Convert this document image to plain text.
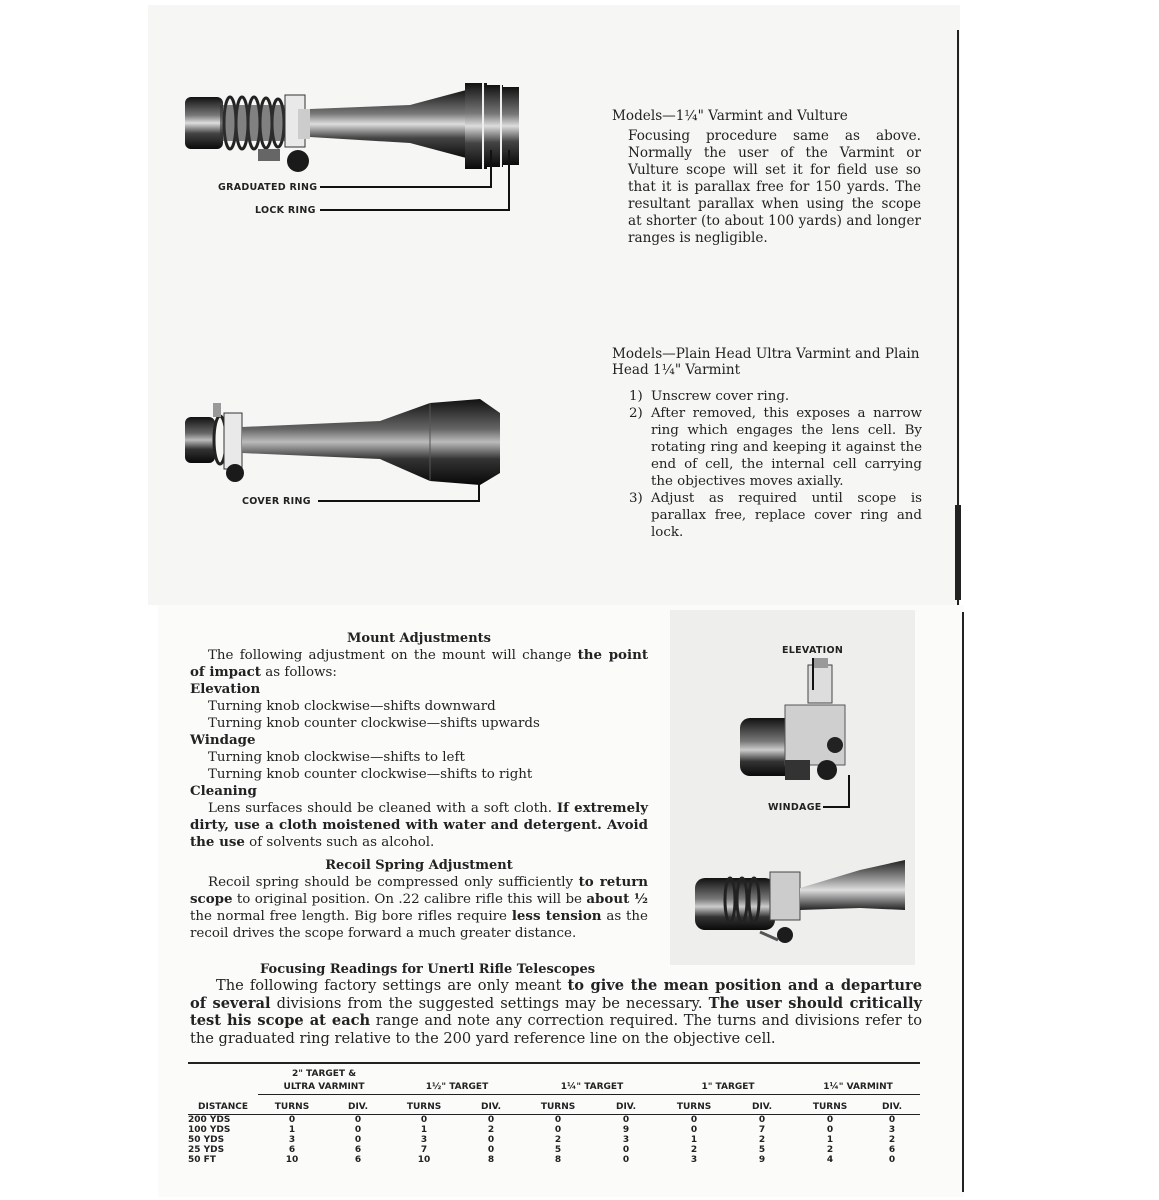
GRADUATED RING
LOCK RING
COVER RING
Models—1¼" Varmint and Vulture
Focusing procedure same as above. Normally the user of the Varmint or Vulture scope will set it for field use so that it is parallax free for 150 yards. The resultant parallax when using the scope at shorter (to about 100 yards) and longer ranges is negligible.
Models—Plain Head Ultra Varmint and Plain
Head 1¼" Varmint
1) Unscrew cover ring.
2) After removed, this exposes a narrow ring which engages the lens cell. By rotating ring and keeping it against the end of cell, the internal cell carrying the objectives moves axially.
3) Adjust as required until scope is parallax free, replace cover ring and lock.
ELEVATION
WINDAGE
Mount Adjustments
The following adjustment on the mount will change the point of impact as follows:
Elevation
Turning knob clockwise—shifts downward
Turning knob counter clockwise—shifts upwards
Windage
Turning knob clockwise—shifts to left
Turning knob counter clockwise—shifts to right
Cleaning
Lens surfaces should be cleaned with a soft cloth. If extremely dirty, use a cloth moistened with water and detergent. Avoid the use of solvents such as alcohol.
Recoil Spring Adjustment
Recoil spring should be compressed only sufficiently to return scope to original position. On .22 calibre rifle this will be about ½ the normal free length. Big bore rifles require less tension as the recoil drives the scope forward a much greater distance.
Focusing Readings for Unertl Rifle Telescopes
The following factory settings are only meant to give the mean position and a departure of several divisions from the suggested settings may be necessary. The user should critically test his scope at each range and note any correction required. The turns and divisions refer to the graduated ring relative to the 200 yard reference line on the objective cell.
	2" TARGET &									
	ULTRA VARMINT		1½" TARGET		1¼" TARGET		1" TARGET		1¼" VARMINT	

DISTANCE	TURNS	DIV.	TURNS	DIV.	TURNS	DIV.	TURNS	DIV.	TURNS	DIV.
200 YDS	0	0	0	0	0	0	0	0	0	0
100 YDS	1	0	1	2	0	9	0	7	0	3
50 YDS	3	0	3	0	2	3	1	2	1	2
25 YDS	6	6	7	0	5	0	2	5	2	6
50 FT	10	6	10	8	8	0	3	9	4	0
